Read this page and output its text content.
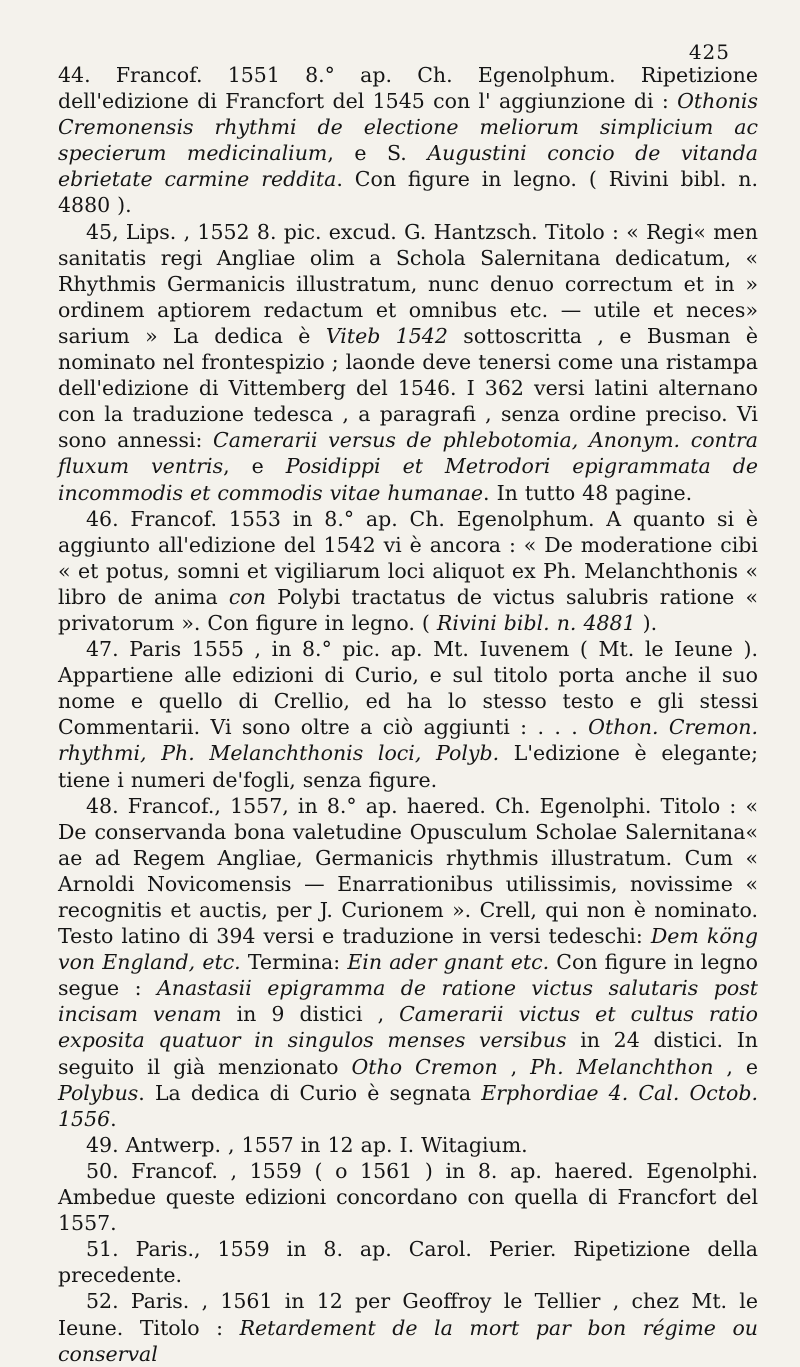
425

44. Francof. 1551 8.° ap. Ch. Egenolphum. Ripetizione dell'edizione di Francfort del 1545 con l' aggiunzione di : Othonis Cremonensis rhythmi de electione meliorum simplicium ac specierum medicinalium, e S. Augustini concio de vitanda ebrietate carmine reddita. Con figure in legno. ( Rivini bibl. n. 4880 ).

45, Lips. , 1552 8. pic. excud. G. Hantzsch. Titolo : « Regi« men sanitatis regi Angliae olim a Schola Salernitana dedicatum, « Rhythmis Germanicis illustratum, nunc denuo correctum et in » ordinem aptiorem redactum et omnibus etc. — utile et neces» sarium » La dedica è Viteb 1542 sottoscritta , e Busman è nominato nel frontespizio ; laonde deve tenersi come una ristampa dell'edizione di Vittemberg del 1546. I 362 versi latini alternano con la traduzione tedesca , a paragrafi , senza ordine preciso. Vi sono annessi: Camerarii versus de phlebotomia, Anonym. contra fluxum ventris, e Posidippi et Metrodori epigrammata de incommodis et commodis vitae humanae. In tutto 48 pagine.

46. Francof. 1553 in 8.° ap. Ch. Egenolphum. A quanto si è aggiunto all'edizione del 1542 vi è ancora : « De moderatione cibi « et potus, somni et vigiliarum loci aliquot ex Ph. Melanchthonis « libro de anima con Polybi tractatus de victus salubris ratione « privatorum ». Con figure in legno. ( Rivini bibl. n. 4881 ).

47. Paris 1555 , in 8.° pic. ap. Mt. Iuvenem ( Mt. le Ieune ). Appartiene alle edizioni di Curio, e sul titolo porta anche il suo nome e quello di Crellio, ed ha lo stesso testo e gli stessi Commentarii. Vi sono oltre a ciò aggiunti : . . . Othon. Cremon. rhythmi, Ph. Melanchthonis loci, Polyb. L'edizione è elegante; tiene i numeri de'fogli, senza figure.

48. Francof., 1557, in 8.° ap. haered. Ch. Egenolphi. Titolo : « De conservanda bona valetudine Opusculum Scholae Salernitana« ae ad Regem Angliae, Germanicis rhythmis illustratum. Cum « Arnoldi Novicomensis — Enarrationibus utilissimis, novissime « recognitis et auctis, per J. Curionem ». Crell, qui non è nominato. Testo latino di 394 versi e traduzione in versi tedeschi: Dem köng von England, etc. Termina: Ein ader gnant etc. Con figure in legno segue : Anastasii epigramma de ratione victus salutaris post incisam venam in 9 distici , Camerarii victus et cultus ratio exposita quatuor in singulos menses versibus in 24 distici. In seguito il già menzionato Otho Cremon , Ph. Melanchthon , e Polybus. La dedica di Curio è segnata Erphordiae 4. Cal. Octob. 1556.

49. Antwerp. , 1557 in 12 ap. I. Witagium.

50. Francof. , 1559 ( o 1561 ) in 8. ap. haered. Egenolphi. Ambedue queste edizioni concordano con quella di Francfort del 1557.

51. Paris., 1559 in 8. ap. Carol. Perier. Ripetizione della precedente.

52. Paris. , 1561 in 12 per Geoffroy le Tellier , chez Mt. le Ieune. Titolo : Retardement de la mort par bon régime ou conserval
